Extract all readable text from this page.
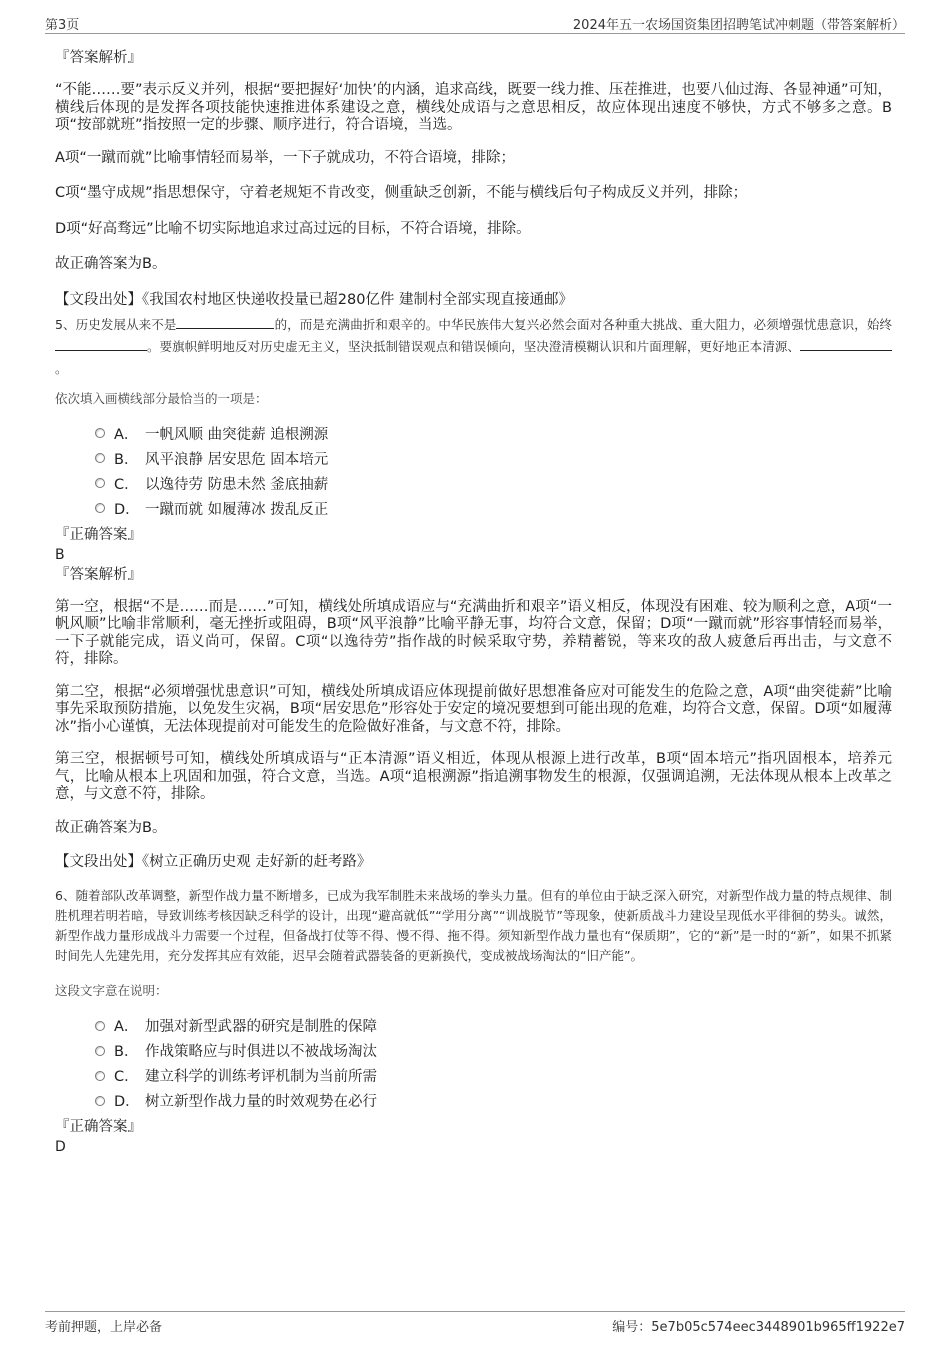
第3页	2024年五一农场国资集团招聘笔试冲刺题（带答案解析）
『答案解析』

“不能……要”表示反义并列，根据“要把握好‘加快’的内涵，追求高线，既要一线力推、压茬推进，也要八仙过海、各显神通”可知，横线后体现的是发挥各项技能快速推进体系建设之意，横线处成语与之意思相反，故应体现出速度不够快，方式不够多之意。B项“按部就班”指按照一定的步骤、顺序进行，符合语境，当选。

A项“一蹴而就”比喻事情轻而易举，一下子就成功，不符合语境，排除；

C项“墨守成规”指思想保守，守着老规矩不肯改变，侧重缺乏创新，不能与横线后句子构成反义并列，排除；

D项“好高骛远”比喻不切实际地追求过高过远的目标，不符合语境，排除。

故正确答案为B。

【文段出处】《我国农村地区快递收投量已超280亿件 建制村全部实现直接通邮》

5、历史发展从来不是	的，而是充满曲折和艰辛的。中华民族伟大复兴必然会面对各种重大挑战、重大阻力，必须增强忧患意识，始终。要旗帜鲜明地反对历史虚无主义，坚決抵制错误观点和错误倾向，坚决澄清模糊认识和片面理解，更好地正本清源、。

依次填入画横线部分最恰当的一项是：

A． 一帆风顺 曲突徙薪 追根溯源
B． 风平浪静 居安思危 固本培元
C． 以逸待劳 防患未然 釜底抽薪
D． 一蹴而就 如履薄冰 拨乱反正
『正确答案』
B
『答案解析』

第一空，根据“不是……而是……”可知，横线处所填成语应与“充满曲折和艰辛”语义相反，体现没有困难、较为顺利之意，A项“一帆风顺”比喻非常顺利，毫无挫折或阻碍，B项“风平浪静”比喻平静无事，均符合文意，保留；D项“一蹴而就”形容事情轻而易举，一下子就能完成，语义尚可，保留。C项“以逸待劳”指作战的时候采取守势，养精蓄锐，等来攻的敌人疲惫后再出击，与文意不符，排除。

第二空，根据“必须增强忧患意识”可知，横线处所填成语应体现提前做好思想准备应对可能发生的危险之意，A项“曲突徙薪”比喻事先采取预防措施，以免发生灾祸，B项“居安思危”形容处于安定的境况要想到可能出现的危难，均符合文意，保留。D项“如履薄冰”指小心谨慎，无法体现提前对可能发生的危险做好准备，与文意不符，排除。

第三空，根据顿号可知，横线处所填成语与“正本清源”语义相近，体现从根源上进行改革，B项“固本培元”指巩固根本，培养元气，比喻从根本上巩固和加强，符合文意，当选。A项“追根溯源”指追溯事物发生的根源，仅强调追溯，无法体现从根本上改革之意，与文意不符，排除。

故正确答案为B。

【文段出处】《树立正确历史观 走好新的赶考路》

6、随着部队改革调整，新型作战力量不断增多，已成为我军制胜未来战场的拳头力量。但有的单位由于缺乏深入研究，对新型作战力量的特点规律、制胜机理若明若暗，导致训练考核因缺乏科学的设计，出现“避高就低”“学用分离”“训战脱节”等现象，使新质战斗力建设呈现低水平徘徊的势头。诚然，新型作战力量形成战斗力需要一个过程，但备战打仗等不得、慢不得、拖不得。须知新型作战力量也有“保质期”，它的“新”是一时的“新”，如果不抓紧时间先人先建先用，充分发挥其应有效能，迟早会随着武器装备的更新换代，变成被战场淘汰的“旧产能”。

这段文字意在说明：

A． 加强对新型武器的研究是制胜的保障
B． 作战策略应与时俱进以不被战场淘汰
C． 建立科学的训练考评机制为当前所需
D． 树立新型作战力量的时效观势在必行
『正确答案』
D
考前押题，上岸必备	编号：5e7b05c574eec3448901b965ff1922e7
